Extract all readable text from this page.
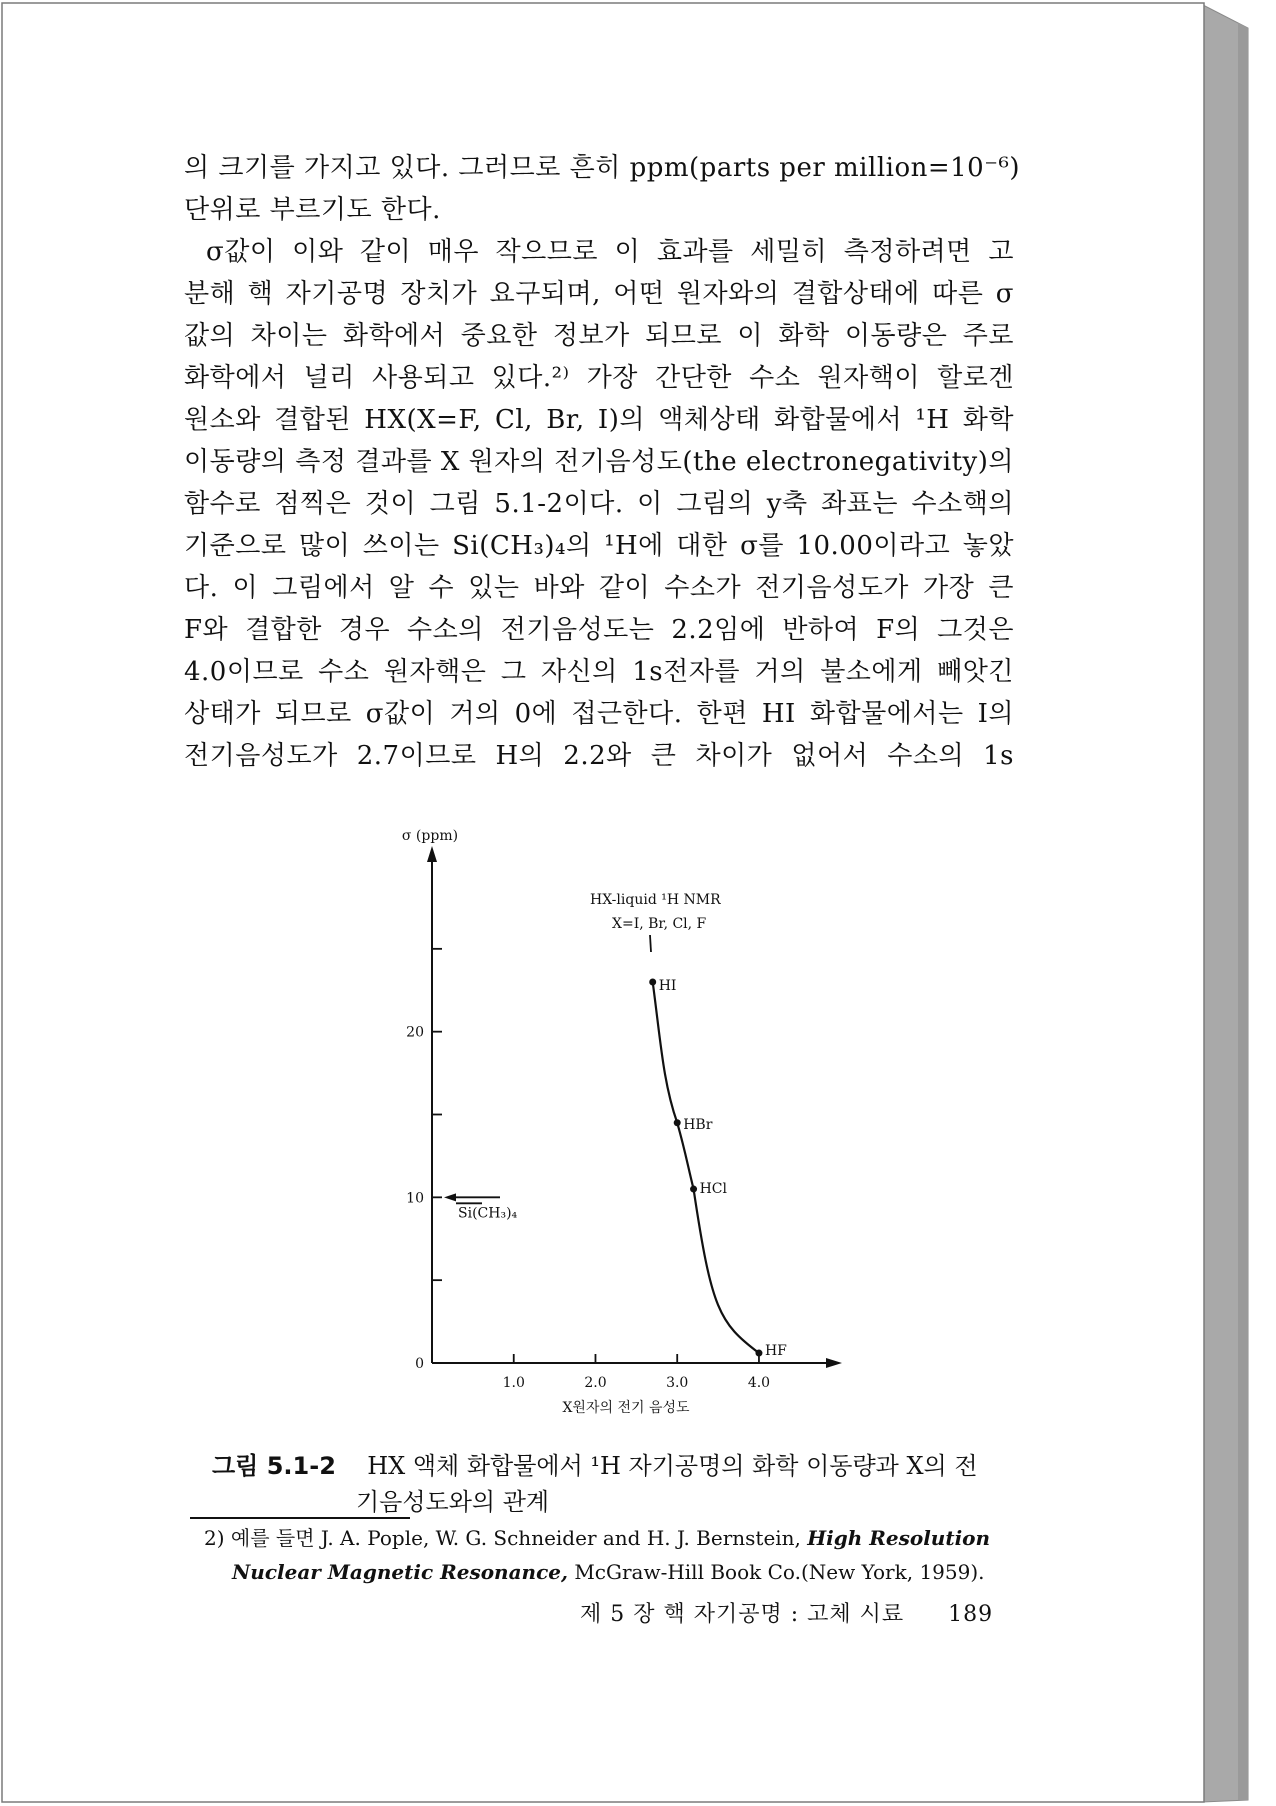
의 크기를 가지고 있다. 그러므로 흔히 ppm(parts per million=10⁻⁶)
단위로 부르기도 한다.
σ값이 이와 같이 매우 작으므로 이 효과를 세밀히 측정하려면 고
분해 핵 자기공명 장치가 요구되며, 어떤 원자와의 결합상태에 따른 σ
값의 차이는 화학에서 중요한 정보가 되므로 이 화학 이동량은 주로
화학에서 널리 사용되고 있다.²⁾ 가장 간단한 수소 원자핵이 할로겐
원소와 결합된 HX(X=F, Cl, Br, I)의 액체상태 화합물에서 ¹H 화학
이동량의 측정 결과를 X 원자의 전기음성도(the electronegativity)의
함수로 점찍은 것이 그림 5.1-2이다. 이 그림의 y축 좌표는 수소핵의
기준으로 많이 쓰이는 Si(CH₃)₄의 ¹H에 대한 σ를 10.00이라고 놓았
다. 이 그림에서 알 수 있는 바와 같이 수소가 전기음성도가 가장 큰
F와 결합한 경우 수소의 전기음성도는 2.2임에 반하여 F의 그것은
4.0이므로 수소 원자핵은 그 자신의 1s전자를 거의 불소에게 빼앗긴
상태가 되므로 σ값이 거의 0에 접근한다. 한편 HI 화합물에서는 I의
전기음성도가 2.7이므로 H의 2.2와 큰 차이가 없어서 수소의 1s
0
10
20
1.0	2.0	3.0	4.0
σ (ppm)
X원자의 전기 음성도
HX-liquid ¹H NMR
X=I, Br, Cl, F
HI
HBr
HCl
HF
Si(CH₃)₄
그림 5.1-2 HX 액체 화합물에서 ¹H 자기공명의 화학 이동량과 X의 전
기음성도와의 관계
2) 예를 들면 J. A. Pople, W. G. Schneider and H. J. Bernstein, High Resolution
Nuclear Magnetic Resonance, McGraw-Hill Book Co.(New York, 1959).
제 5 장 핵 자기공명 : 고체 시료 189
